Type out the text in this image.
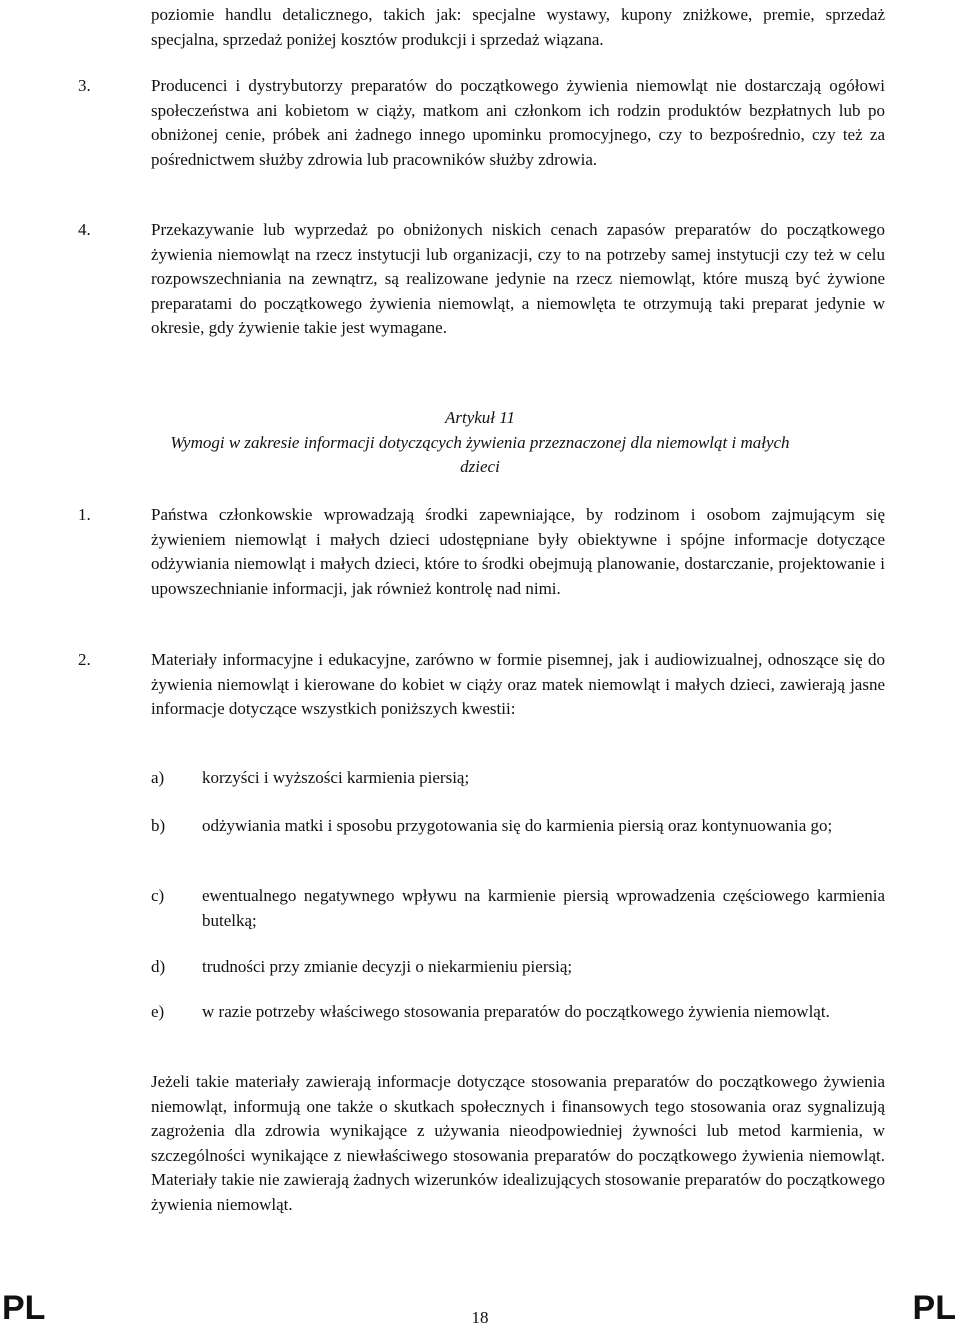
poziomie handlu detalicznego, takich jak: specjalne wystawy, kupony zniżkowe, premie, sprzedaż specjalna, sprzedaż poniżej kosztów produkcji i sprzedaż wiązana.
3.	Producenci i dystrybutorzy preparatów do początkowego żywienia niemowląt nie dostarczają ogółowi społeczeństwa ani kobietom w ciąży, matkom ani członkom ich rodzin produktów bezpłatnych lub po obniżonej cenie, próbek ani żadnego innego upominku promocyjnego, czy to bezpośrednio, czy też za pośrednictwem służby zdrowia lub pracowników służby zdrowia.
4.	Przekazywanie lub wyprzedaż po obniżonych niskich cenach zapasów preparatów do początkowego żywienia niemowląt na rzecz instytucji lub organizacji, czy to na potrzeby samej instytucji czy też w celu rozpowszechniania na zewnątrz, są realizowane jedynie na rzecz niemowląt, które muszą być żywione preparatami do początkowego żywienia niemowląt, a niemowlęta te otrzymują taki preparat jedynie w okresie, gdy żywienie takie jest wymagane.
Artykuł 11
Wymogi w zakresie informacji dotyczących żywienia przeznaczonej dla niemowląt i małych
dzieci
1.	Państwa członkowskie wprowadzają środki zapewniające, by rodzinom i osobom zajmującym się żywieniem niemowląt i małych dzieci udostępniane były obiektywne i spójne informacje dotyczące odżywiania niemowląt i małych dzieci, które to środki obejmują planowanie, dostarczanie, projektowanie i upowszechnianie informacji, jak również kontrolę nad nimi.
2.	Materiały informacyjne i edukacyjne, zarówno w formie pisemnej, jak i audiowizualnej, odnoszące się do żywienia niemowląt i kierowane do kobiet w ciąży oraz matek niemowląt i małych dzieci, zawierają jasne informacje dotyczące wszystkich poniższych kwestii:
a) korzyści i wyższości karmienia piersią;
b) odżywiania matki i sposobu przygotowania się do karmienia piersią oraz kontynuowania go;
c) ewentualnego negatywnego wpływu na karmienie piersią wprowadzenia częściowego karmienia butelką;
d) trudności przy zmianie decyzji o niekarmieniu piersią;
e) w razie potrzeby właściwego stosowania preparatów do początkowego żywienia niemowląt.
Jeżeli takie materiały zawierają informacje dotyczące stosowania preparatów do początkowego żywienia niemowląt, informują one także o skutkach społecznych i finansowych tego stosowania oraz sygnalizują zagrożenia dla zdrowia wynikające z używania nieodpowiedniej żywności lub metod karmienia, w szczególności wynikające z niewłaściwego stosowania preparatów do początkowego żywienia niemowląt. Materiały takie nie zawierają żadnych wizerunków idealizujących stosowanie preparatów do początkowego żywienia niemowląt.
PL	18	PL
